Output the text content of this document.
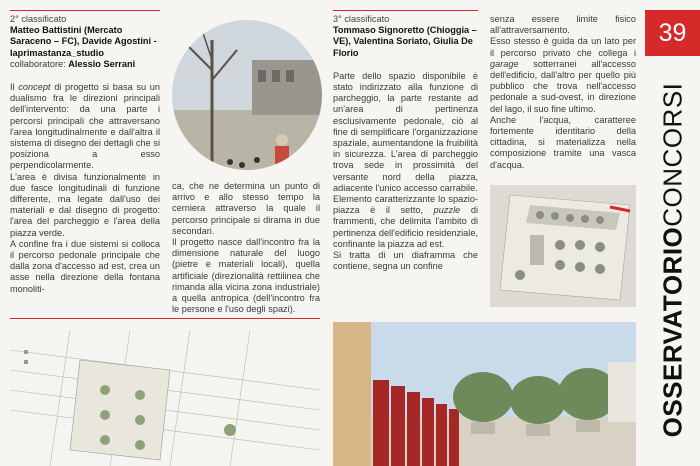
2° classificato

Matteo Battistini (Mercato Saraceno – FC), Davide Agostini - laprimastanza_studio

collaboratore: Alessio Serrani

Il concept di progetto si basa su un dualismo fra le direzioni principali dell'intervento: da una parte i percorsi principali che attraversano l'area longitudinalmente e dall'altra il sistema di disegno dei dettagli che si posiziona a esso perpendicolarmente.

L'area è divisa funzionalmente in due fasce longitudinali di funzione differente, ma legate dall'uso dei materiali e dal disegno di progetto: l'area del parcheggio e l'area della piazza verde.

A confine fra i due sistemi si colloca il percorso pedonale principale che dalla zona d'accesso ad est, crea un asse nella direzione della fontana monoliti-

ca, che ne determina un punto di arrivo e allo stesso tempo la cerniera attraverso la quale il percorso principale si dirama in due secondari.

Il progetto nasce dall'incontro fra la dimensione naturale del luogo (pietre e materiali locali), quella artificiale (direzionalità rettilinea che rimanda alla vicina zona industriale) a quella antropica (dell'incontro fra le persone e l'uso degli spazi).

3° classificato

Tommaso Signoretto (Chioggia – VE), Valentina Soriato, Giulia De Florio

Parte dello spazio disponibile è stato indirizzato alla funzione di parcheggio, la parte restante ad un'area di pertinenza esclusivamente pedonale, ciò al fine di semplificare l'organizzazione spaziale, aumentandone la fruibilità in sicurezza. L'area di parcheggio trova sede in prossimità del versante nord della piazza, adiacente l'unico accesso carrabile.

Elemento caratterizzante lo spazio-piazza è il setto, puzzle di frammenti, che delimita l'ambito di pertinenza dell'edificio residenziale, confinante la piazza ad est.

Si tratta di un diaframma che contiene, segna un confine

senza essere limite fisico all'attraversamento.

Esso stesso è guida da un lato per il percorso privato che collega i garage sotterranei all'accesso dell'edificio, dall'altro per quello più pubblico che trova nell'accesso pedonale a sud-ovest, in direzione del lago, il suo fine ultimo.

Anche l'acqua, caratteree fortemente identitario della cittadina, si materializza nella composizione tramite una vasca d'acqua.

39
OSSERVATORIOCONCORSI
